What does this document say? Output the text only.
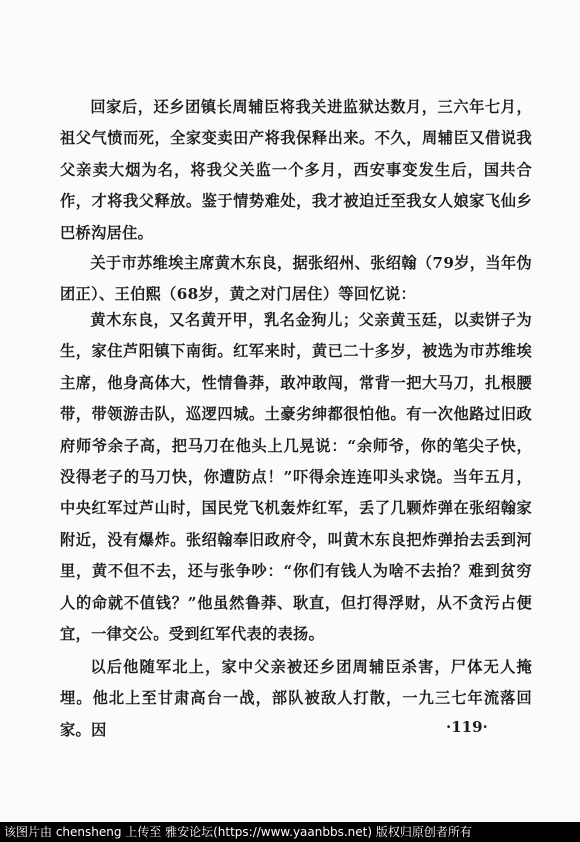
回家后，还乡团镇长周辅臣将我关进监狱达数月，三六年七月，祖父气愤而死，全家变卖田产将我保释出来。不久，周辅臣又借说我父亲卖大烟为名，将我父关监一个多月，西安事变发生后，国共合作，才将我父释放。鉴于情势难处，我才被迫迁至我女人娘家飞仙乡巴桥沟居住。

关于市苏维埃主席黄木东良，据张绍州、张绍翰（79岁，当年伪团正）、王伯熙（68岁，黄之对门居住）等回忆说：

黄木东良，又名黄开甲，乳名金狗儿；父亲黄玉廷，以卖饼子为生，家住芦阳镇下南街。红军来时，黄已二十多岁，被选为市苏维埃主席，他身高体大，性情鲁莽，敢冲敢闯，常背一把大马刀，扎根腰带，带领游击队，巡逻四城。土豪劣绅都很怕他。有一次他路过旧政府师爷余子高，把马刀在他头上几晃说：“余师爷，你的笔尖子快，没得老子的马刀快，你遭防点！”吓得余连连叩头求饶。当年五月，中央红军过芦山时，国民党飞机轰炸红军，丢了几颗炸弹在张绍翰家附近，没有爆炸。张绍翰奉旧政府令，叫黄木东良把炸弹抬去丢到河里，黄不但不去，还与张争吵：“你们有钱人为啥不去抬？难到贫穷人的命就不值钱？”他虽然鲁莽、耿直，但打得浮财，从不贪污占便宜，一律交公。受到红军代表的表扬。

以后他随军北上，家中父亲被还乡团周辅臣杀害，尸体无人掩埋。他北上至甘肃高台一战，部队被敌人打散，一九三七年流落回家。因	·119·
该图片由 chensheng 上传至 雅安论坛(https://www.yaanbbs.net) 版权归原创者所有
